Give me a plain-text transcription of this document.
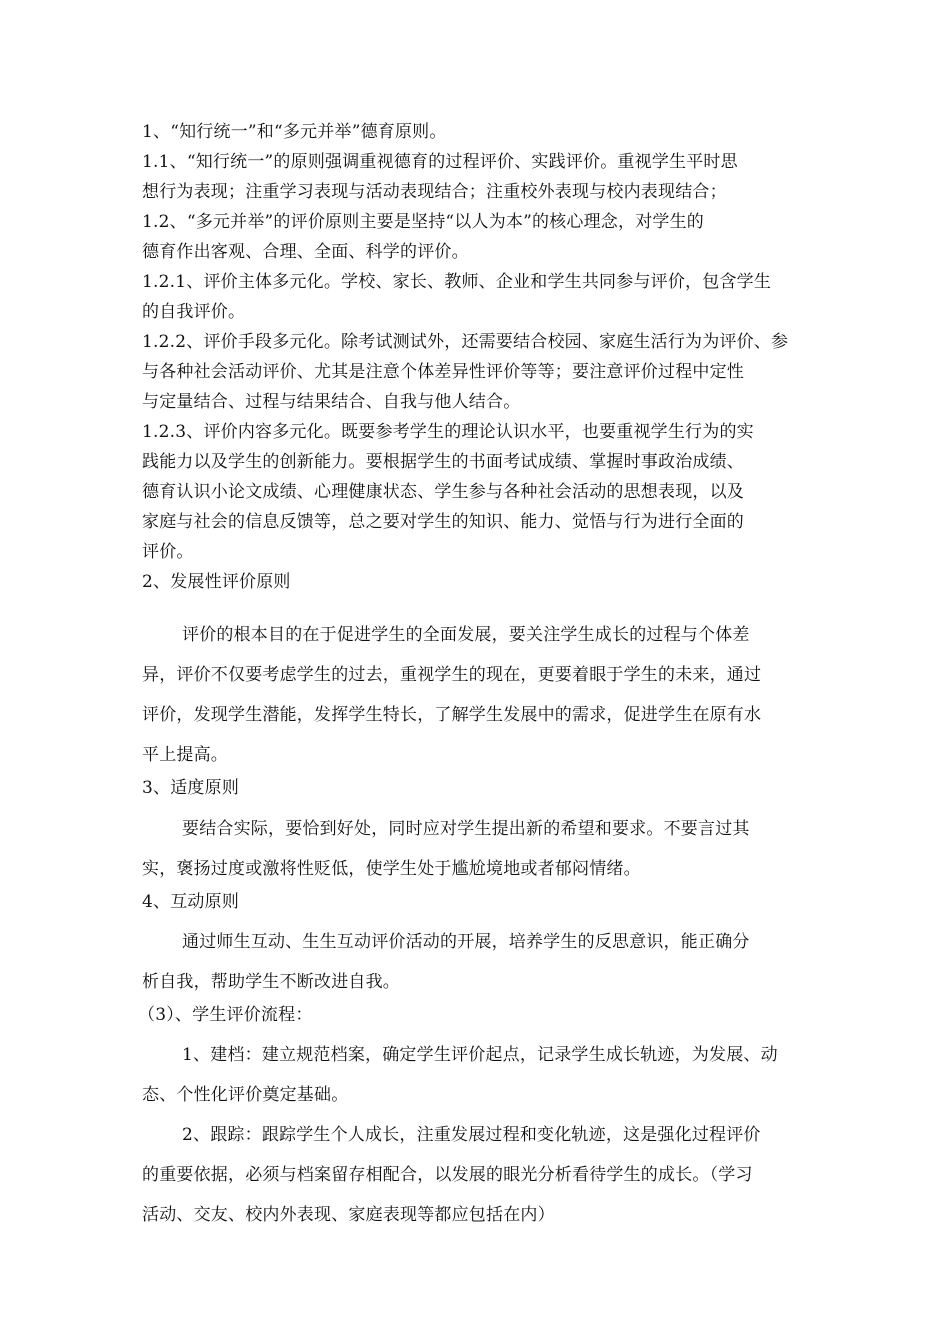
1、“知行统一”和“多元并举”德育原则。
1.1、“知行统一”的原则强调重视德育的过程评价、实践评价。重视学生平时思
想行为表现；注重学习表现与活动表现结合；注重校外表现与校内表现结合；
1.2、“多元并举”的评价原则主要是坚持“以人为本”的核心理念，对学生的
德育作出客观、合理、全面、科学的评价。
1.2.1、评价主体多元化。学校、家长、教师、企业和学生共同参与评价，包含学生
的自我评价。
1.2.2、评价手段多元化。除考试测试外，还需要结合校园、家庭生活行为为评价、参
与各种社会活动评价、尤其是注意个体差异性评价等等；要注意评价过程中定性
与定量结合、过程与结果结合、自我与他人结合。
1.2.3、评价内容多元化。既要参考学生的理论认识水平，也要重视学生行为的实
践能力以及学生的创新能力。要根据学生的书面考试成绩、掌握时事政治成绩、
德育认识小论文成绩、心理健康状态、学生参与各种社会活动的思想表现，以及
家庭与社会的信息反馈等，总之要对学生的知识、能力、觉悟与行为进行全面的
评价。
2、发展性评价原则
评价的根本目的在于促进学生的全面发展，要关注学生成长的过程与个体差
异，评价不仅要考虑学生的过去，重视学生的现在，更要着眼于学生的未来，通过
评价，发现学生潜能，发挥学生特长，了解学生发展中的需求，促进学生在原有水
平上提高。
3、适度原则
要结合实际，要恰到好处，同时应对学生提出新的希望和要求。不要言过其
实，褒扬过度或激将性贬低，使学生处于尴尬境地或者郁闷情绪。
4、互动原则
通过师生互动、生生互动评价活动的开展，培养学生的反思意识，能正确分
析自我，帮助学生不断改进自我。
（3）、学生评价流程：
1、建档：建立规范档案，确定学生评价起点，记录学生成长轨迹，为发展、动
态、个性化评价奠定基础。
2、跟踪：跟踪学生个人成长，注重发展过程和变化轨迹，这是强化过程评价
的重要依据，必须与档案留存相配合，以发展的眼光分析看待学生的成长。（学习
活动、交友、校内外表现、家庭表现等都应包括在内）
